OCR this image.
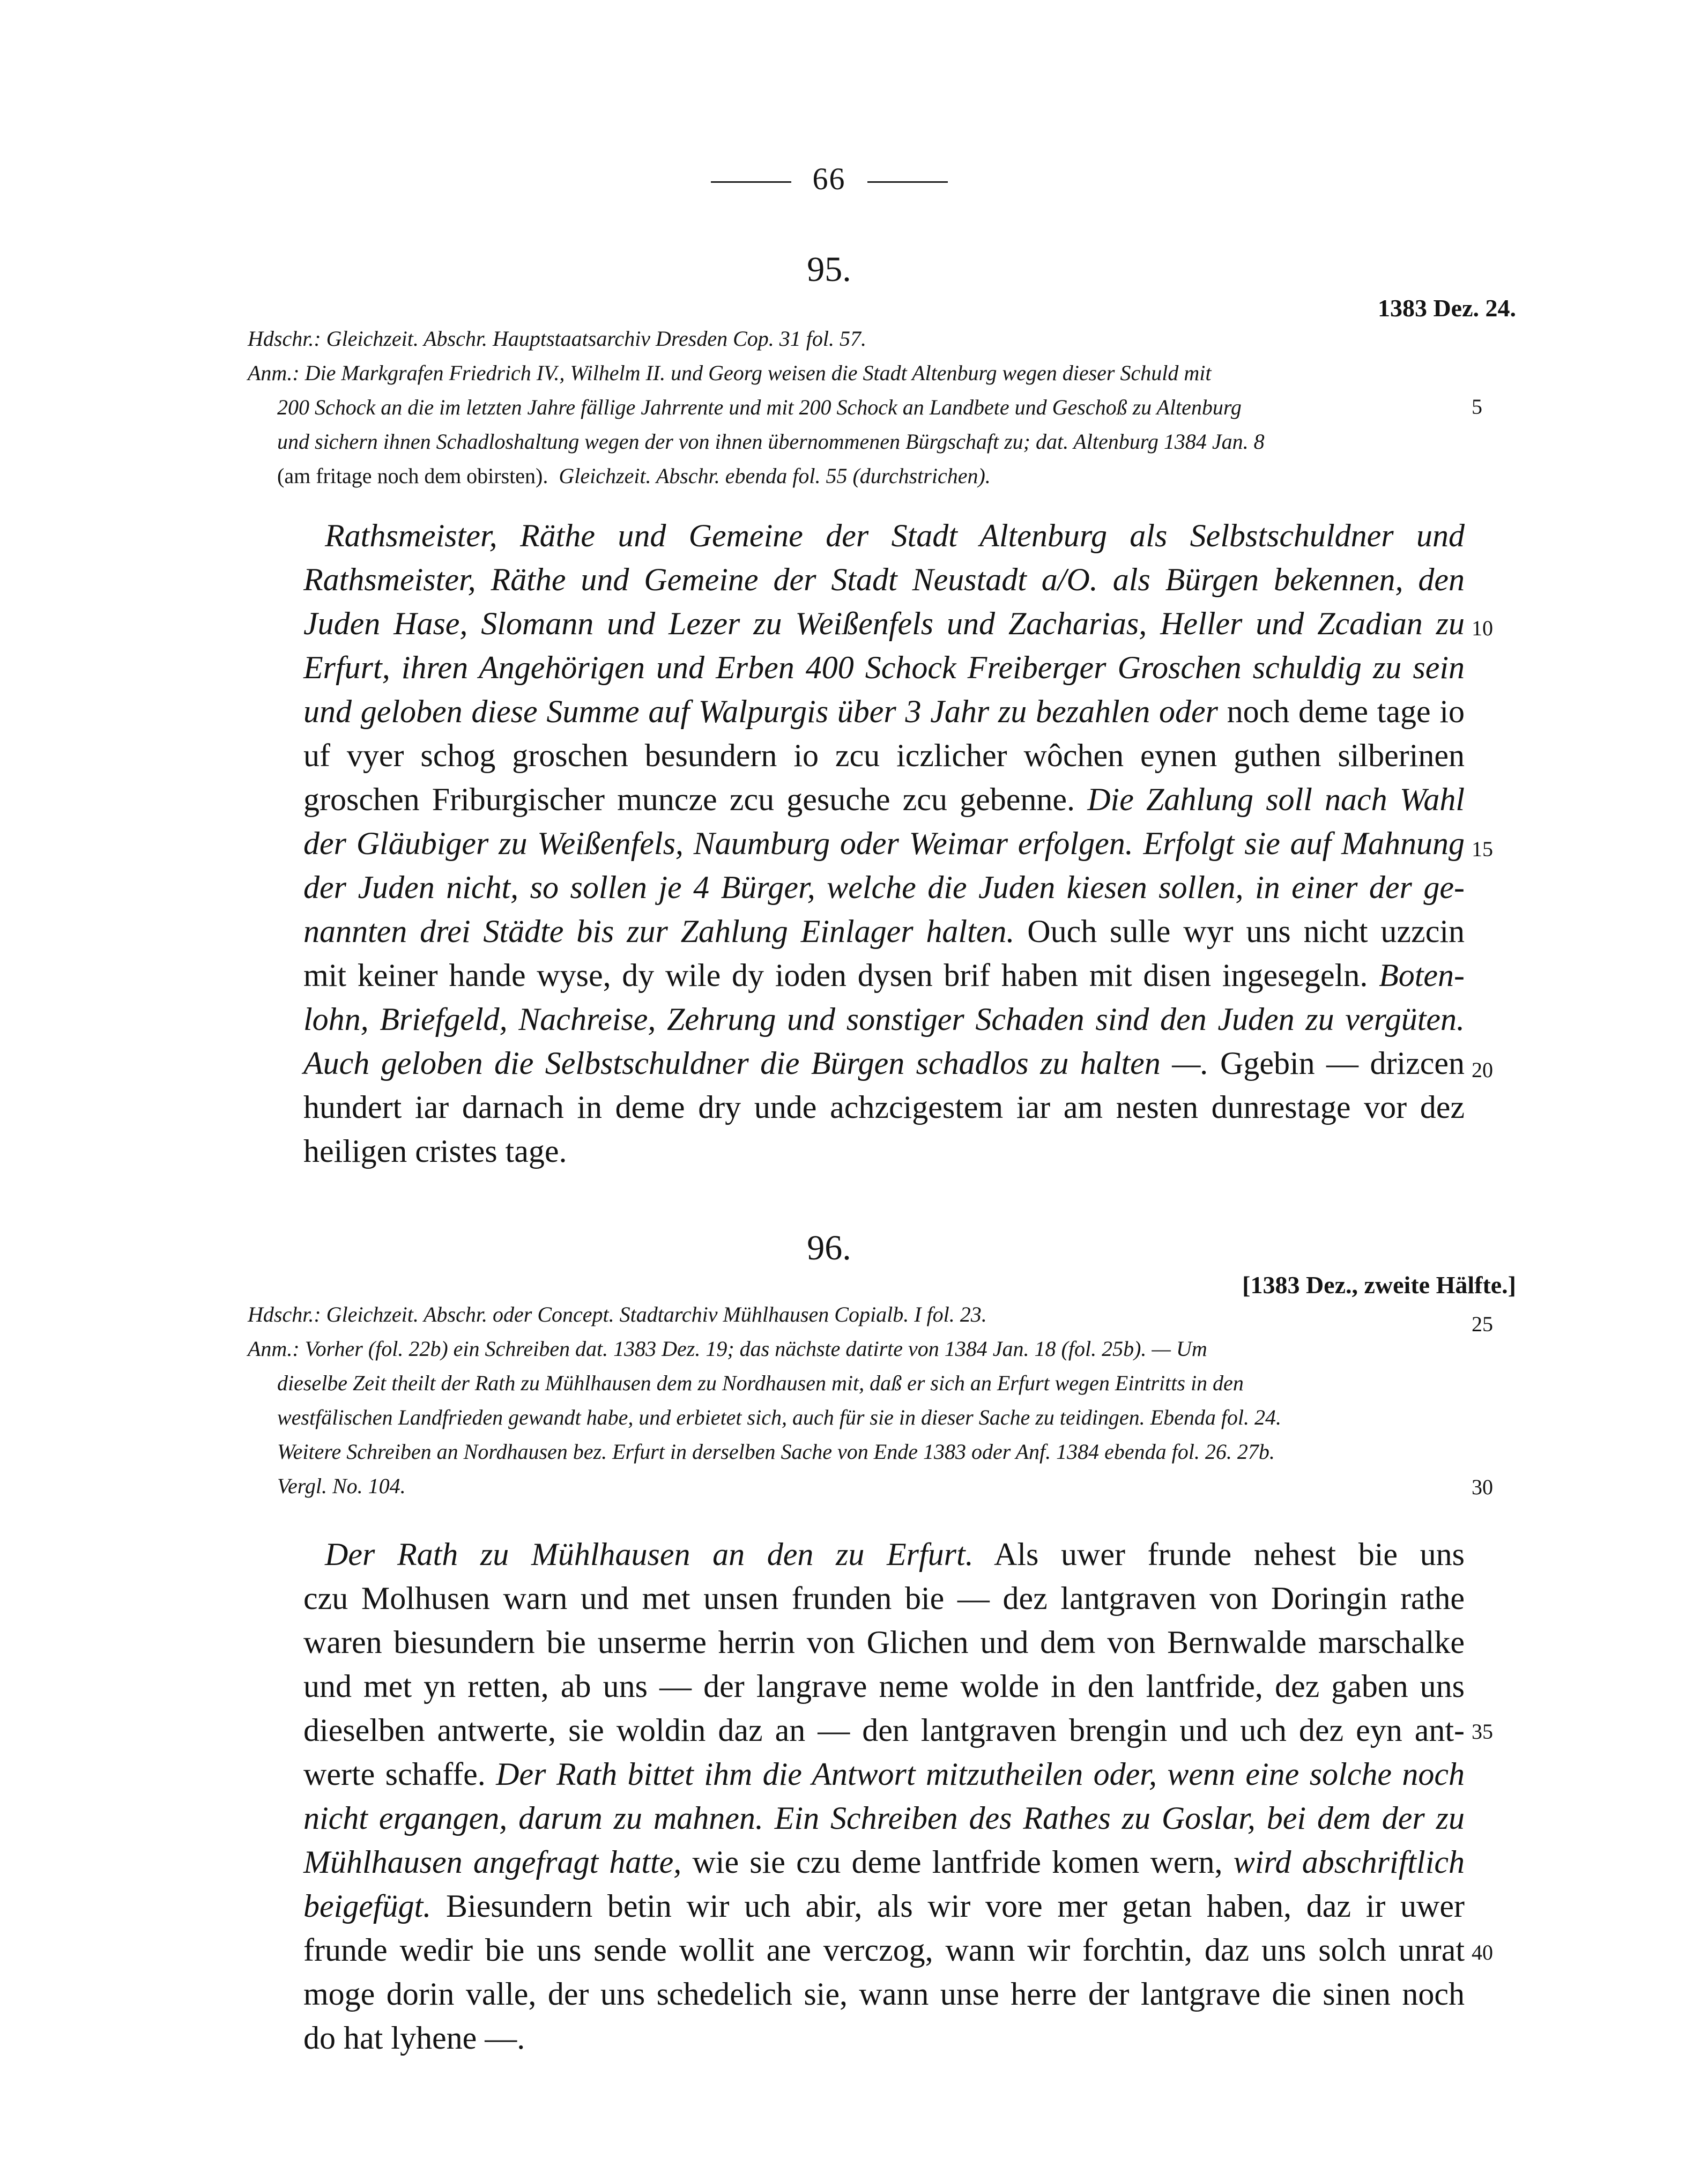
66
95.
1383 Dez. 24.
Hdschr.: Gleichzeit. Abschr. Hauptstaatsarchiv Dresden Cop. 31 fol. 57.
Anm.: Die Markgrafen Friedrich IV., Wilhelm II. und Georg weisen die Stadt Altenburg wegen dieser Schuld mit
200 Schock an die im letzten Jahre fällige Jahrrente und mit 200 Schock an Landbete und Geschoß zu Altenburg
und sichern ihnen Schadloshaltung wegen der von ihnen übernommenen Bürgschaft zu; dat. Altenburg 1384 Jan. 8
(am fritage noch dem obirsten). Gleichzeit. Abschr. ebenda fol. 55 (durchstrichen).
Rathsmeister, Räthe und Gemeine der Stadt Altenburg als Selbstschuldner und
Rathsmeister, Räthe und Gemeine der Stadt Neustadt a/O. als Bürgen bekennen, den
Juden Hase, Slomann und Lezer zu Weißenfels und Zacharias, Heller und Zcadian zu
Erfurt, ihren Angehörigen und Erben 400 Schock Freiberger Groschen schuldig zu sein
und geloben diese Summe auf Walpurgis über 3 Jahr zu bezahlen oder noch deme tage io
uf vyer schog groschen besundern io zcu iczlicher wôchen eynen guthen silberinen
groschen Friburgischer muncze zcu gesuche zcu gebenne. Die Zahlung soll nach Wahl
der Gläubiger zu Weißenfels, Naumburg oder Weimar erfolgen. Erfolgt sie auf Mahnung
der Juden nicht, so sollen je 4 Bürger, welche die Juden kiesen sollen, in einer der ge-
nannten drei Städte bis zur Zahlung Einlager halten. Ouch sulle wyr uns nicht uzzcin
mit keiner hande wyse, dy wile dy ioden dysen brif haben mit disen ingesegeln. Boten-
lohn, Briefgeld, Nachreise, Zehrung und sonstiger Schaden sind den Juden zu vergüten.
Auch geloben die Selbstschuldner die Bürgen schadlos zu halten —. Ggebin — drizcen
hundert iar darnach in deme dry unde achzcigestem iar am nesten dunrestage vor dez
heiligen cristes tage.
96.
[1383 Dez., zweite Hälfte.]
Hdschr.: Gleichzeit. Abschr. oder Concept. Stadtarchiv Mühlhausen Copialb. I fol. 23.
Anm.: Vorher (fol. 22b) ein Schreiben dat. 1383 Dez. 19; das nächste datirte von 1384 Jan. 18 (fol. 25b). — Um
dieselbe Zeit theilt der Rath zu Mühlhausen dem zu Nordhausen mit, daß er sich an Erfurt wegen Eintritts in den
westfälischen Landfrieden gewandt habe, und erbietet sich, auch für sie in dieser Sache zu teidingen. Ebenda fol. 24.
Weitere Schreiben an Nordhausen bez. Erfurt in derselben Sache von Ende 1383 oder Anf. 1384 ebenda fol. 26. 27b.
Vergl. No. 104.
Der Rath zu Mühlhausen an den zu Erfurt. Als uwer frunde nehest bie uns
czu Molhusen warn und met unsen frunden bie — dez lantgraven von Doringin rathe
waren biesundern bie unserme herrin von Glichen und dem von Bernwalde marschalke
und met yn retten, ab uns — der langrave neme wolde in den lantfride, dez gaben uns
dieselben antwerte, sie woldin daz an — den lantgraven brengin und uch dez eyn ant-
werte schaffe. Der Rath bittet ihm die Antwort mitzutheilen oder, wenn eine solche noch
nicht ergangen, darum zu mahnen. Ein Schreiben des Rathes zu Goslar, bei dem der zu
Mühlhausen angefragt hatte, wie sie czu deme lantfride komen wern, wird abschriftlich
beigefügt. Biesundern betin wir uch abir, als wir vore mer getan haben, daz ir uwer
frunde wedir bie uns sende wollit ane verczog, wann wir forchtin, daz uns solch unrat
moge dorin valle, der uns schedelich sie, wann unse herre der lantgrave die sinen noch
do hat lyhene —.
5
10
15
20
25
30
35
40
